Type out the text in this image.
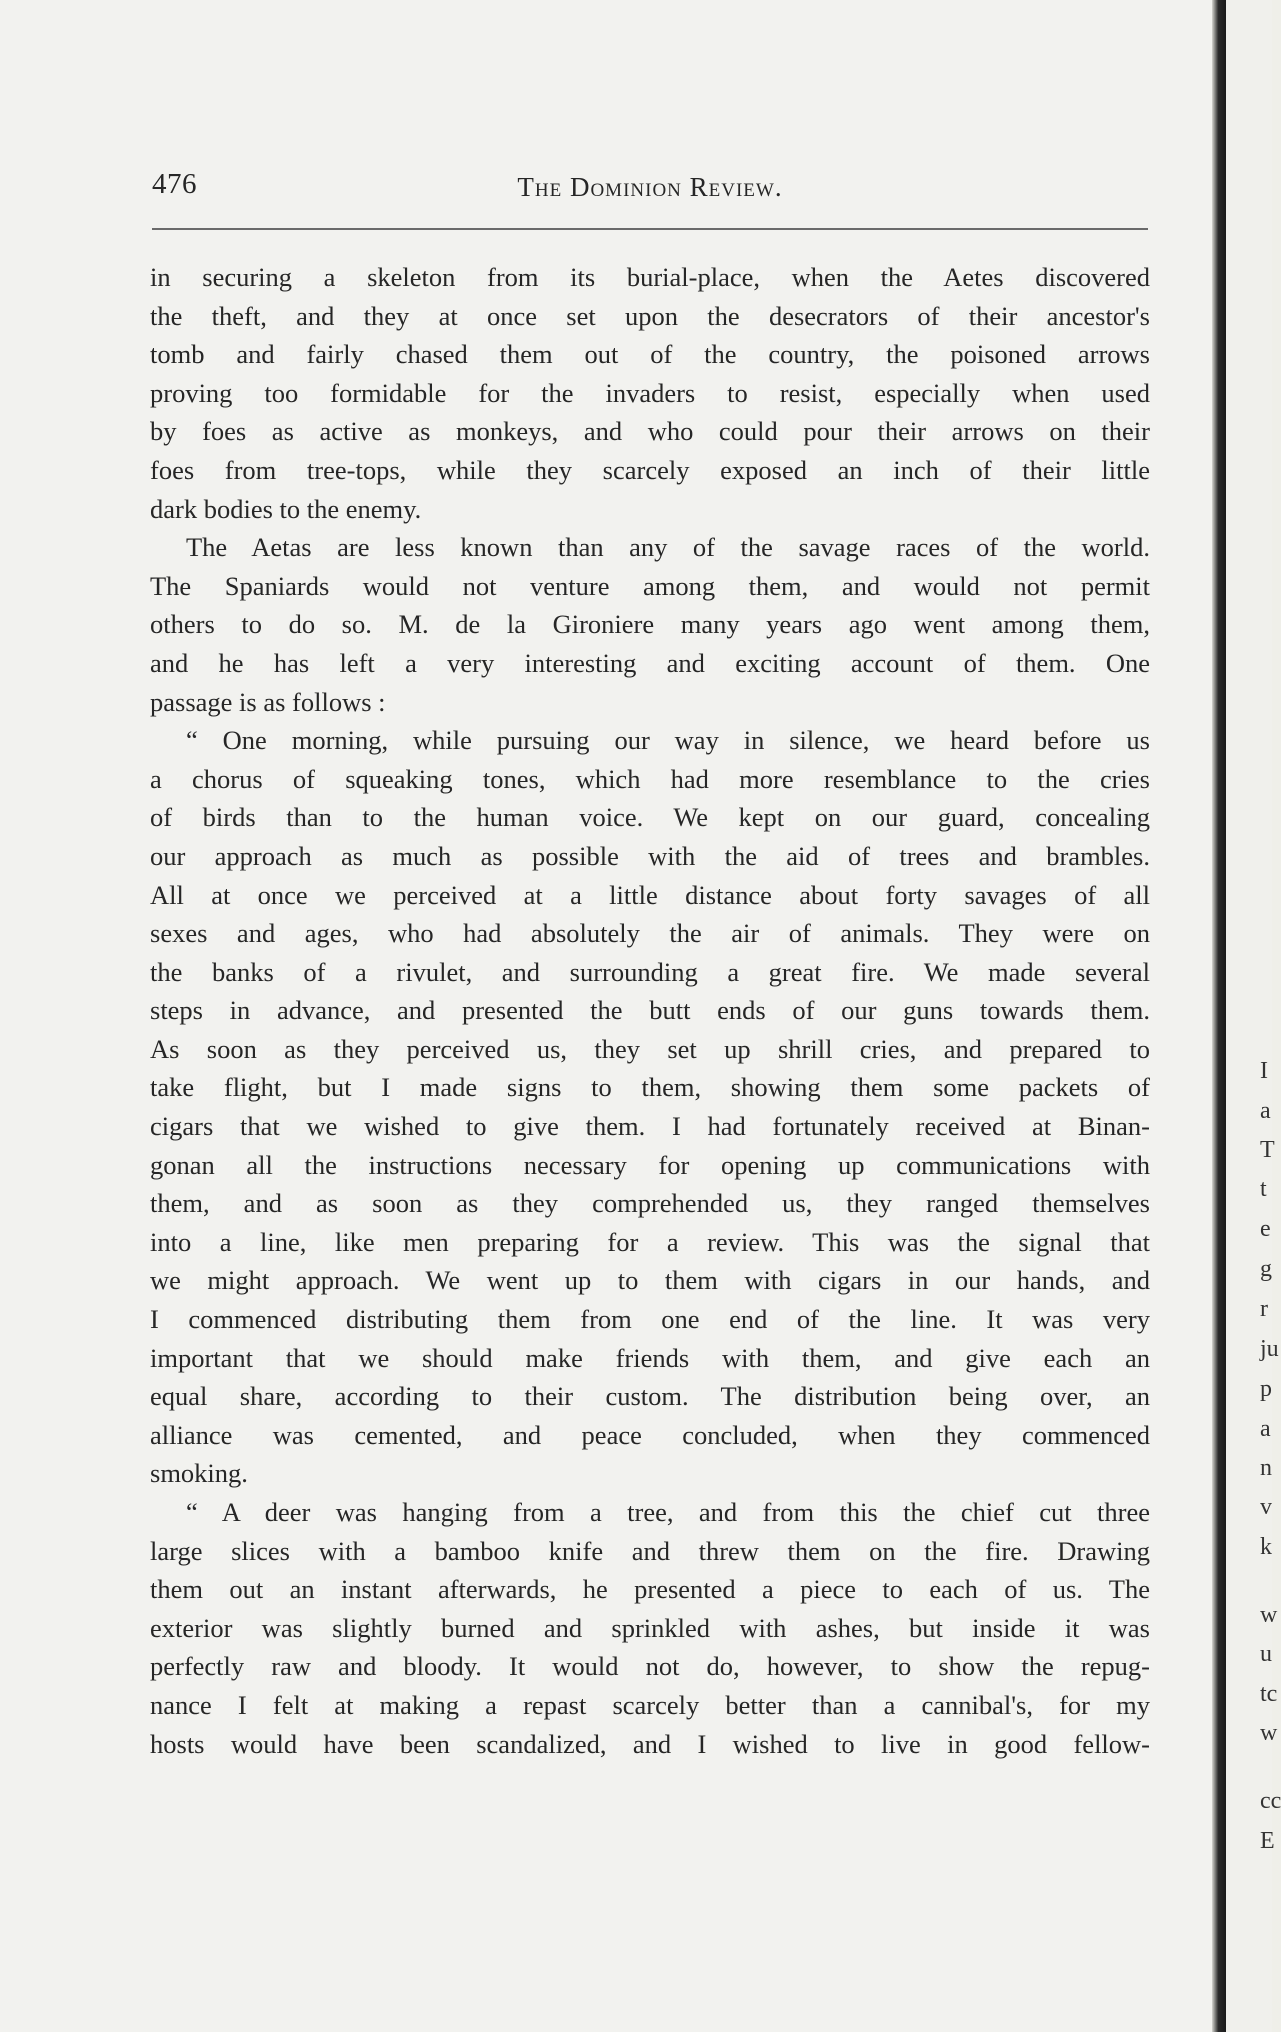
476	The Dominion Review.
in securing a skeleton from its burial-place, when the Aetes discovered
the theft, and they at once set upon the desecrators of their ancestor's
tomb and fairly chased them out of the country, the poisoned arrows
proving too formidable for the invaders to resist, especially when used
by foes as active as monkeys, and who could pour their arrows on their
foes from tree-tops, while they scarcely exposed an inch of their little
dark bodies to the enemy.
The Aetas are less known than any of the savage races of the world.
The Spaniards would not venture among them, and would not permit
others to do so. M. de la Gironiere many years ago went among them,
and he has left a very interesting and exciting account of them. One
passage is as follows :
“ One morning, while pursuing our way in silence, we heard before us
a chorus of squeaking tones, which had more resemblance to the cries
of birds than to the human voice. We kept on our guard, concealing
our approach as much as possible with the aid of trees and brambles.
All at once we perceived at a little distance about forty savages of all
sexes and ages, who had absolutely the air of animals. They were on
the banks of a rivulet, and surrounding a great fire. We made several
steps in advance, and presented the butt ends of our guns towards them.
As soon as they perceived us, they set up shrill cries, and prepared to
take flight, but I made signs to them, showing them some packets of
cigars that we wished to give them. I had fortunately received at Binan-
gonan all the instructions necessary for opening up communications with
them, and as soon as they comprehended us, they ranged themselves
into a line, like men preparing for a review. This was the signal that
we might approach. We went up to them with cigars in our hands, and
I commenced distributing them from one end of the line. It was very
important that we should make friends with them, and give each an
equal share, according to their custom. The distribution being over, an
alliance was cemented, and peace concluded, when they commenced
smoking.
“ A deer was hanging from a tree, and from this the chief cut three
large slices with a bamboo knife and threw them on the fire. Drawing
them out an instant afterwards, he presented a piece to each of us. The
exterior was slightly burned and sprinkled with ashes, but inside it was
perfectly raw and bloody. It would not do, however, to show the repug-
nance I felt at making a repast scarcely better than a cannibal's, for my
hosts would have been scandalized, and I wished to live in good fellow-
I
a
T
t
e
g
r
ju
p
a
n
v
k
w
u
tc
w
cc
E
